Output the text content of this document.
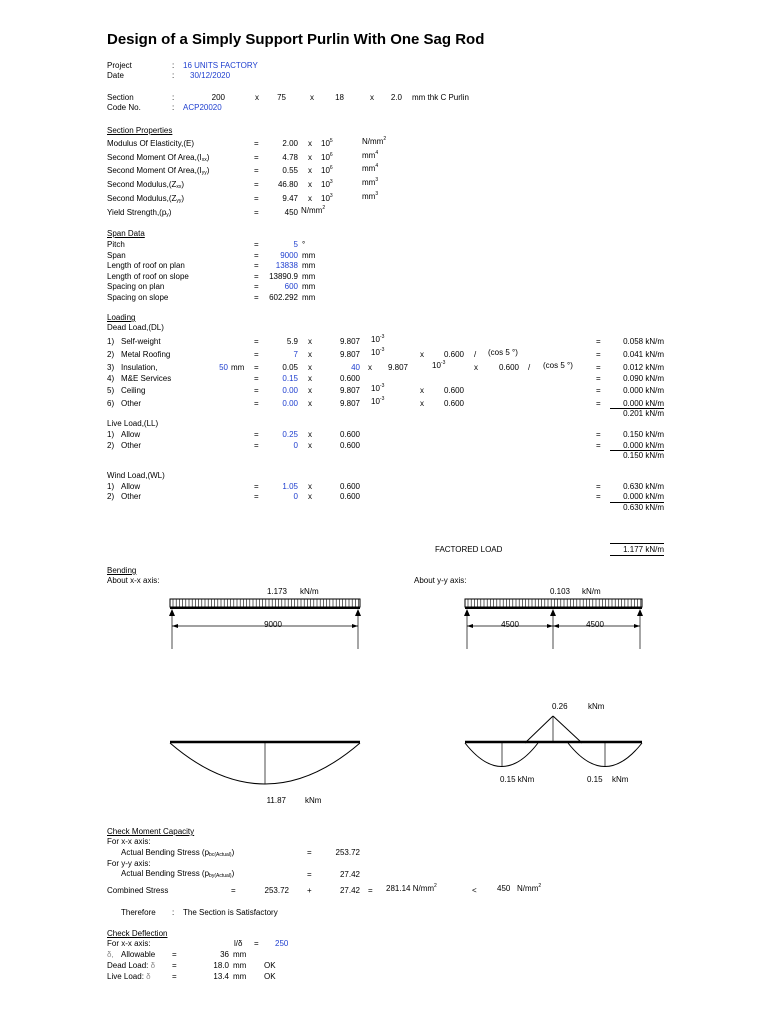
Design of a Simply Support Purlin With One Sag Rod
Project	: 16 UNITS FACTORY
Date	: 30/12/2020
Section	:	200	x	75	x	18	x	2.0 mm thk C Purlin
Code No.	: ACP20020
Section Properties
Modulus Of Elasticity,(E)	=	2.00 x $10^5$	$N/mm^2$
Second Moment Of Area,(Ixx)	=	4.78 x $10^6$	$mm^4$
Second Moment Of Area,(Iyy)	=	0.55 x $10^6$	$mm^4$
Second Modulus,(Zxx)	=	46.80 x $10^3$	$mm^3$
Second Modulus,(Zyy)	=	9.47 x $10^3$	$mm^3$
Yield Strength,(py)	=	450 $N/mm^2$
Span Data
Pitch	=	5 °
Span	=	9000 mm
Length of roof on plan	=	13838 mm
Length of roof on slope	=	13890.9 mm
Spacing on plan	=	600 mm
Spacing on slope	=	602.292 mm
Loading
Dead Load,(DL)
1) Self-weight	=	5.9 x	9.807 $10^{-3}$	=	0.058 kN/m
2) Metal Roofing	=	7 x	9.807 $10^{-3}$	x	0.600 / (cos 5 °)	=	0.041 kN/m
3) Insulation,	50 mm =	0.05 x	40 x	9.807	$10^{-3}$	x	0.600 / (cos 5 °)	=	0.012 kN/m
4) M&E Services	=	0.15 x	0.600	=	0.090 kN/m
5) Ceiling	=	0.00 x	9.807 $10^{-3}$	x	0.600	=	0.000 kN/m
6) Other	=	0.00 x	9.807 $10^{-3}$	x	0.600	=	0.000 kN/m
0.201 kN/m
Live Load,(LL)
1) Allow	=	0.25 x	0.600	=	0.150 kN/m
2) Other	=	0 x	0.600	=	0.000 kN/m
0.150 kN/m
Wind Load,(WL)
1) Allow	=	1.05 x	0.600	=	0.630 kN/m
2) Other	=	0 x	0.600	=	0.000 kN/m
0.630 kN/m
FACTORED LOAD	1.177 kN/m
Bending
About x-x axis:	About y-y axis:
1.173 kN/m	0.103 kN/m
9000	4500	4500
11.87 kNm
0.26	kNm
0.15 kNm	0.15 kNm
Check Moment Capacity
For x-x axis:
Actual Bending Stress (pbc(Actual))	=	253.72
For y-y axis:
Actual Bending Stress (pby(Actual))	=	27.42
Combined Stress	=	253.72 +	27.42 = 281.14 $N/mm^2$	<	450 $N/mm^2$
Therefore : The Section is Satisfactory
Check Deflection
For x-x axis:	l/δ = 250
δ, Allowable =	36 mm
Dead Load: δ =	18.0 mm OK
Live Load: δ	=	13.4 mm OK
